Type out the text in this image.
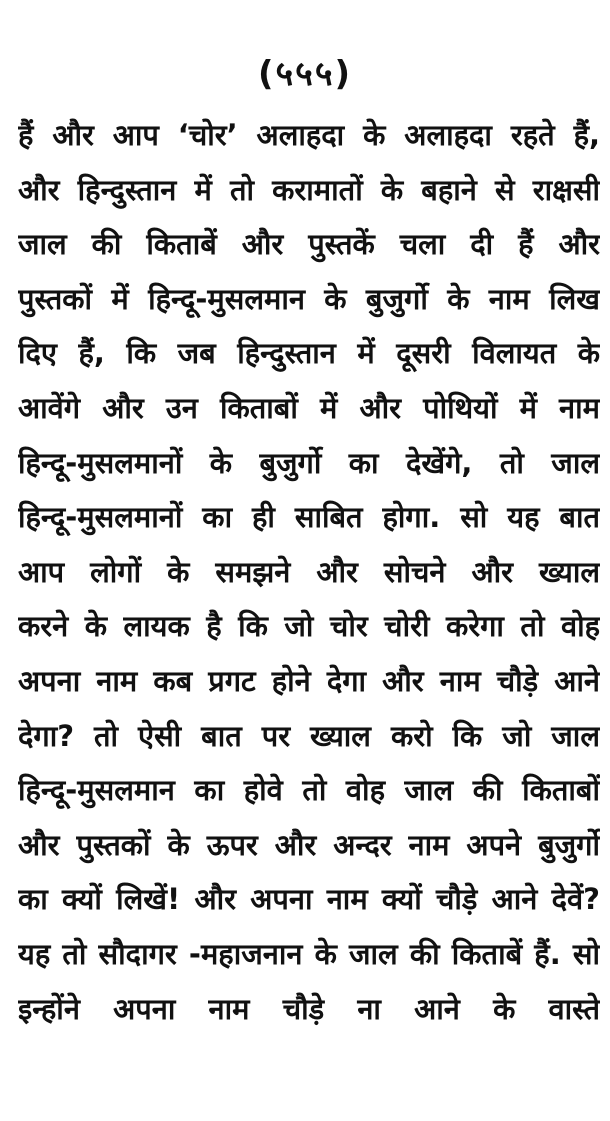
(५५५)
हैं और आप ‘चोर’ अलाहदा के अलाहदा रहते हैं,
और हिन्दुस्तान में तो करामातों के बहाने से राक्षसी
जाल की किताबें और पुस्तकें चला दी हैं और
पुस्तकों में हिन्दू-मुसलमान के बुजुर्गो के नाम लिख
दिए हैं, कि जब हिन्दुस्तान में दूसरी विलायत के
आवेंगे और उन किताबों में और पोथियों में नाम
हिन्दू-मुसलमानों के बुजुर्गो का देखेंगे, तो जाल
हिन्दू-मुसलमानों का ही साबित होगा. सो यह बात
आप लोगों के समझने और सोचने और ख्याल
करने के लायक है कि जो चोर चोरी करेगा तो वोह
अपना नाम कब प्रगट होने देगा और नाम चौड़े आने
देगा? तो ऐसी बात पर ख्याल करो कि जो जाल
हिन्दू-मुसलमान का होवे तो वोह जाल की किताबों
और पुस्तकों के ऊपर और अन्दर नाम अपने बुजुर्गो
का क्यों लिखें! और अपना नाम क्यों चौड़े आने देवें?
यह तो सौदागर -महाजनान के जाल की किताबें हैं. सो
इन्होंने अपना नाम चौड़े ना आने के वास्ते
